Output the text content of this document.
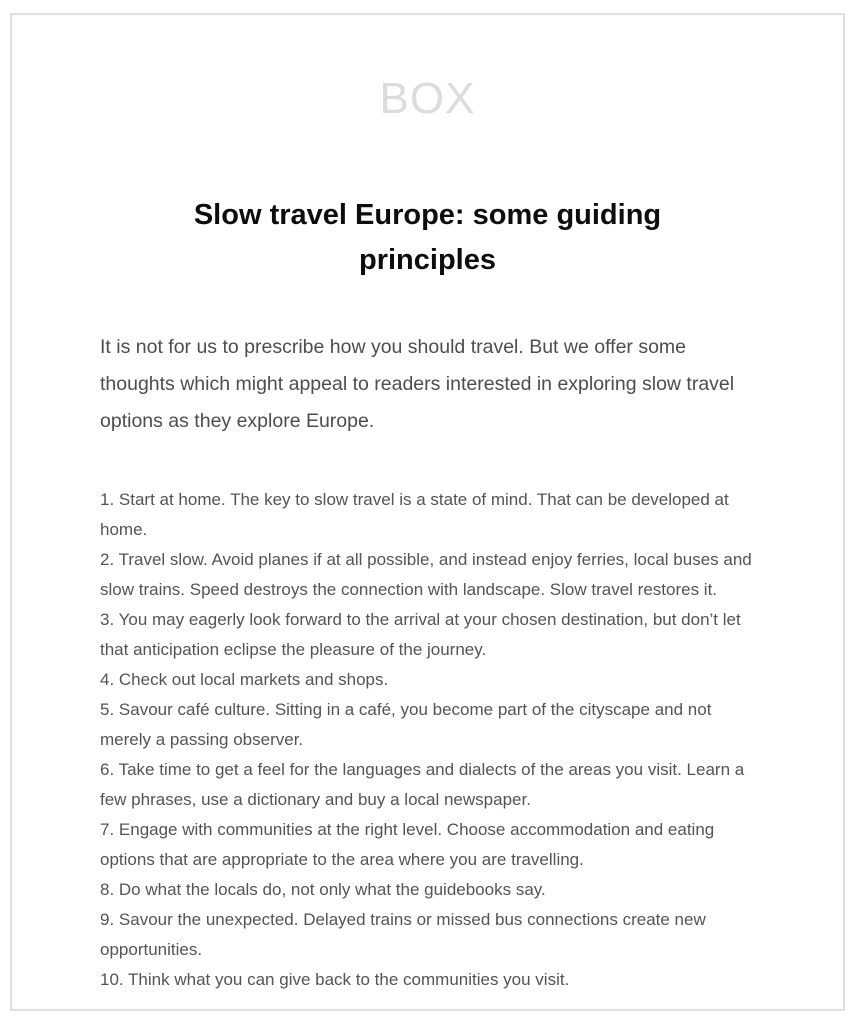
BOX
Slow travel Europe: some guiding principles

It is not for us to prescribe how you should travel. But we offer some thoughts which might appeal to readers interested in exploring slow travel options as they explore Europe.

1. Start at home. The key to slow travel is a state of mind. That can be developed at home.

2. Travel slow. Avoid planes if at all possible, and instead enjoy ferries, local buses and slow trains. Speed destroys the connection with landscape. Slow travel restores it.

3. You may eagerly look forward to the arrival at your chosen destination, but don’t let that anticipation eclipse the pleasure of the journey.

4. Check out local markets and shops.

5. Savour café culture. Sitting in a café, you become part of the cityscape and not merely a passing observer.

6. Take time to get a feel for the languages and dialects of the areas you visit. Learn a few phrases, use a dictionary and buy a local newspaper.

7. Engage with communities at the right level. Choose accommodation and eating options that are appropriate to the area where you are travelling.

8. Do what the locals do, not only what the guidebooks say.

9. Savour the unexpected. Delayed trains or missed bus connections create new opportunities.

10. Think what you can give back to the communities you visit.
